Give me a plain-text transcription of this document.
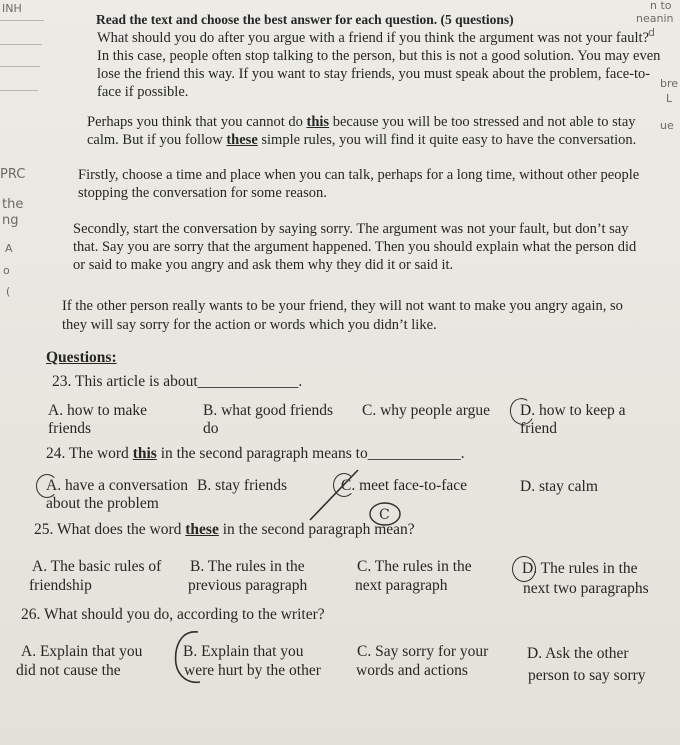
INH	n to
neanin
d
bre
L
ue
PRC
the
ng
A
o
(
Read the text and choose the best answer for each question. (5 questions)
What should you do after you argue with a friend if you think the argument was not your fault?
In this case, people often stop talking to the person, but this is not a good solution. You may even
lose the friend this way. If you want to stay friends, you must speak about the problem, face-to-
face if possible.
Perhaps you think that you cannot do this because you will be too stressed and not able to stay
calm. But if you follow these simple rules, you will find it quite easy to have the conversation.
Firstly, choose a time and place when you can talk, perhaps for a long time, without other people
stopping the conversation for some reason.
Secondly, start the conversation by saying sorry. The argument was not your fault, but don’t say
that. Say you are sorry that the argument happened. Then you should explain what the person did
or said to make you angry and ask them why they did it or said it.
If the other person really wants to be your friend, they will not want to make you angry again, so
they will say sorry for the action or words which you didn’t like.
Questions:
23. This article is about_____________.
A. how to make
friends
B. what good friends
do
C. why people argue D. how to keep a
friend
24. The word this in the second paragraph means to____________.
A. have a conversation
about the problem
B. stay friends	C. meet face-to-face	D. stay calm
C
25. What does the word these in the second paragraph mean?
A. The basic rules of
friendship
B. The rules in the
previous paragraph
C. The rules in the
next paragraph
D. The rules in the
next two paragraphs
26. What should you do, according to the writer?
A. Explain that you
did not cause the
B. Explain that you
were hurt by the other
C. Say sorry for your
words and actions
D. Ask the other
person to say sorry
